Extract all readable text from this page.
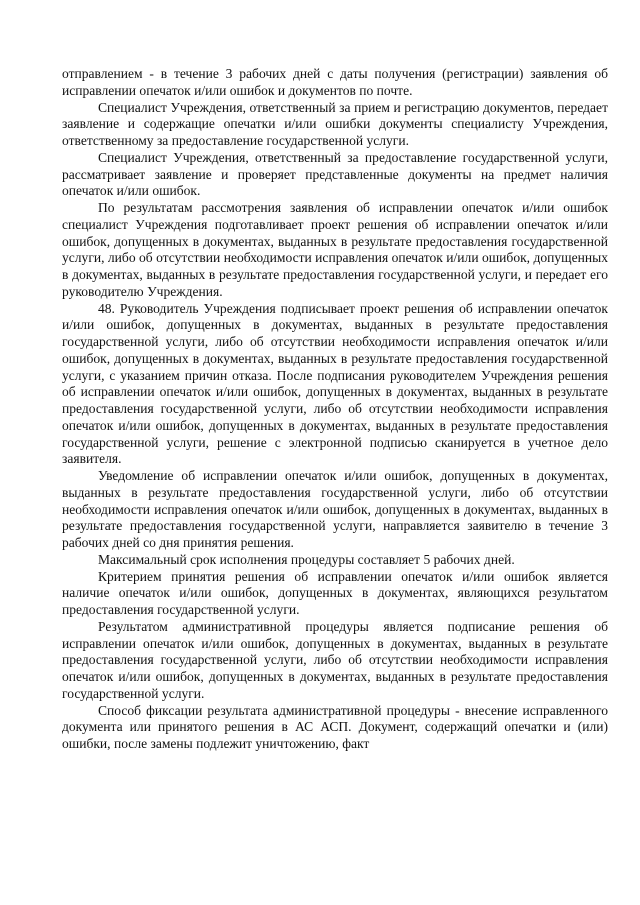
отправлением - в течение 3 рабочих дней с даты получения (регистрации) заявления об исправлении опечаток и/или ошибок и документов по почте.

Специалист Учреждения, ответственный за прием и регистрацию документов, передает заявление и содержащие опечатки и/или ошибки документы специалисту Учреждения, ответственному за предоставление государственной услуги.

Специалист Учреждения, ответственный за предоставление государственной услуги, рассматривает заявление и проверяет представленные документы на предмет наличия опечаток и/или ошибок.

По результатам рассмотрения заявления об исправлении опечаток и/или ошибок специалист Учреждения подготавливает проект решения об исправлении опечаток и/или ошибок, допущенных в документах, выданных в результате предоставления государственной услуги, либо об отсутствии необходимости исправления опечаток и/или ошибок, допущенных в документах, выданных в результате предоставления государственной услуги, и передает его руководителю Учреждения.

48. Руководитель Учреждения подписывает проект решения об исправлении опечаток и/или ошибок, допущенных в документах, выданных в результате предоставления государственной услуги, либо об отсутствии необходимости исправления опечаток и/или ошибок, допущенных в документах, выданных в результате предоставления государственной услуги, с указанием причин отказа. После подписания руководителем Учреждения решения об исправлении опечаток и/или ошибок, допущенных в документах, выданных в результате предоставления государственной услуги, либо об отсутствии необходимости исправления опечаток и/или ошибок, допущенных в документах, выданных в результате предоставления государственной услуги, решение с электронной подписью сканируется в учетное дело заявителя.

Уведомление об исправлении опечаток и/или ошибок, допущенных в документах, выданных в результате предоставления государственной услуги, либо об отсутствии необходимости исправления опечаток и/или ошибок, допущенных в документах, выданных в результате предоставления государственной услуги, направляется заявителю в течение 3 рабочих дней со дня принятия решения.

Максимальный срок исполнения процедуры составляет 5 рабочих дней.

Критерием принятия решения об исправлении опечаток и/или ошибок является наличие опечаток и/или ошибок, допущенных в документах, являющихся результатом предоставления государственной услуги.

Результатом административной процедуры является подписание решения об исправлении опечаток и/или ошибок, допущенных в документах, выданных в результате предоставления государственной услуги, либо об отсутствии необходимости исправления опечаток и/или ошибок, допущенных в документах, выданных в результате предоставления государственной услуги.

Способ фиксации результата административной процедуры - внесение исправленного документа или принятого решения в АС АСП. Документ, содержащий опечатки и (или) ошибки, после замены подлежит уничтожению, факт
